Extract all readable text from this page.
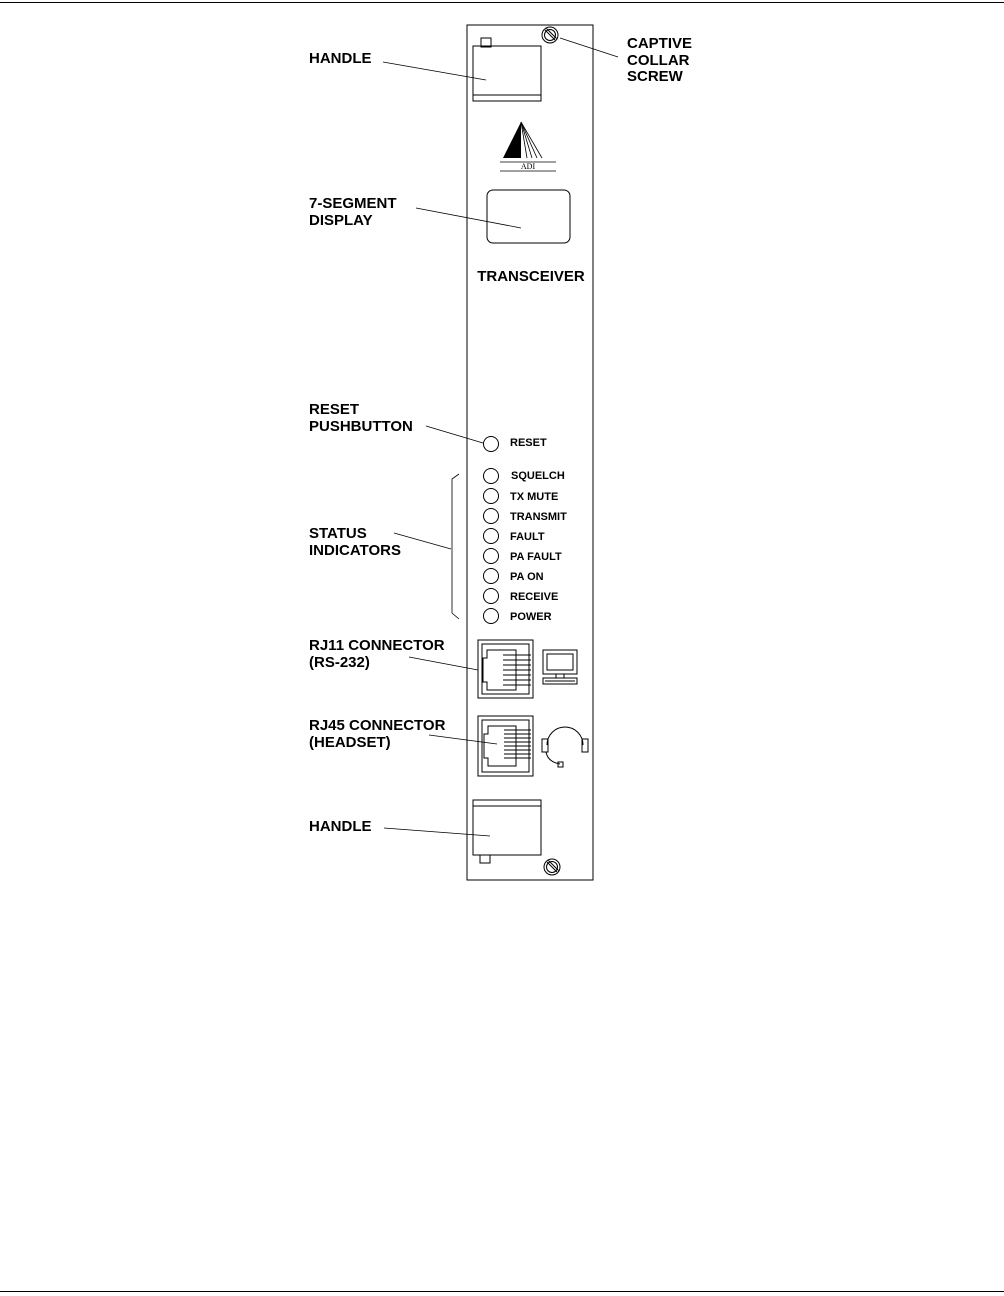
ADI
TRANSCEIVER
RESET
SQUELCH
TX MUTE
TRANSMIT
FAULT
PA FAULT
PA ON
RECEIVE
POWER
HANDLE
CAPTIVE
COLLAR
SCREW
7-SEGMENT
DISPLAY
RESET
PUSHBUTTON
STATUS
INDICATORS
RJ11 CONNECTOR
(RS-232)
RJ45 CONNECTOR
(HEADSET)
HANDLE
